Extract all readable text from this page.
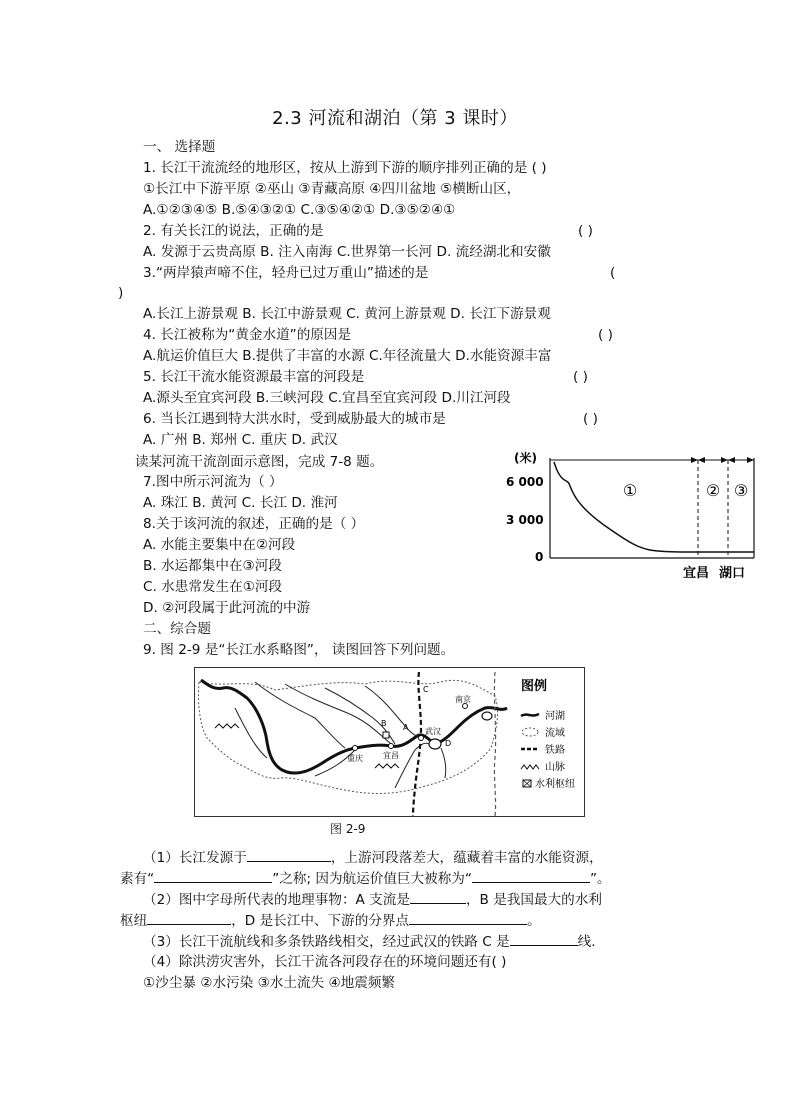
2.3 河流和湖泊（第 3 课时）
一、 选择题
1. 长江干流流经的地形区，按从上游到下游的顺序排列正确的是 ( )
①长江中下游平原 ②巫山 ③青藏高原 ④四川盆地 ⑤横断山区，
A.①②③④⑤ B.⑤④③②① C.③⑤④②① D.③⑤②④①
2. 有关长江的说法，正确的是	( )
A. 发源于云贵高原 B. 注入南海 C.世界第一长河 D. 流经湖北和安徽
3.“两岸猿声啼不住，轻舟已过万重山”描述的是	(
)
A.长江上游景观 B. 长江中游景观 C. 黄河上游景观 D. 长江下游景观
4. 长江被称为“黄金水道”的原因是	( )
A.航运价值巨大 B.提供了丰富的水源 C.年径流量大 D.水能资源丰富
5. 长江干流水能资源最丰富的河段是	( )
A.源头至宜宾河段 B.三峡河段 C.宜昌至宜宾河段 D.川江河段
6. 当长江遇到特大洪水时，受到威胁最大的城市是	( )
A. 广州 B. 郑州 C. 重庆 D. 武汉
读某河流干流剖面示意图，完成 7-8 题。
7.图中所示河流为（ ）
A. 珠江 B. 黄河 C. 长江 D. 淮河
8.关于该河流的叙述，正确的是（ ）
A. 水能主要集中在②河段
B. 水运都集中在③河段
C. 水患常发生在①河段
D. ②河段属于此河流的中游
(米)
6 000
3 000
0
①	② ③
宜昌 湖口
二、综合题
9. 图 2-9 是“长江水系略图”， 读图回答下列问题。
重庆	宜昌
武汉
南京
A
B
C
D
图例
河湖
流域
铁路
山脉
水利枢纽
图 2-9
（1）长江发源于	，上游河段落差大，蕴藏着丰富的水能资源，
素有“	”之称; 因为航运价值巨大被称为“	”。
（2）图中字母所代表的地理事物：A 支流是	，B 是我国最大的水利
枢纽	，D 是长江中、下游的分界点	。
（3）长江干流航线和多条铁路线相交，经过武汉的铁路 C 是	线.
（4）除洪涝灾害外，长江干流各河段存在的环境问题还有( )
①沙尘暴 ②水污染 ③水土流失 ④地震频繁
